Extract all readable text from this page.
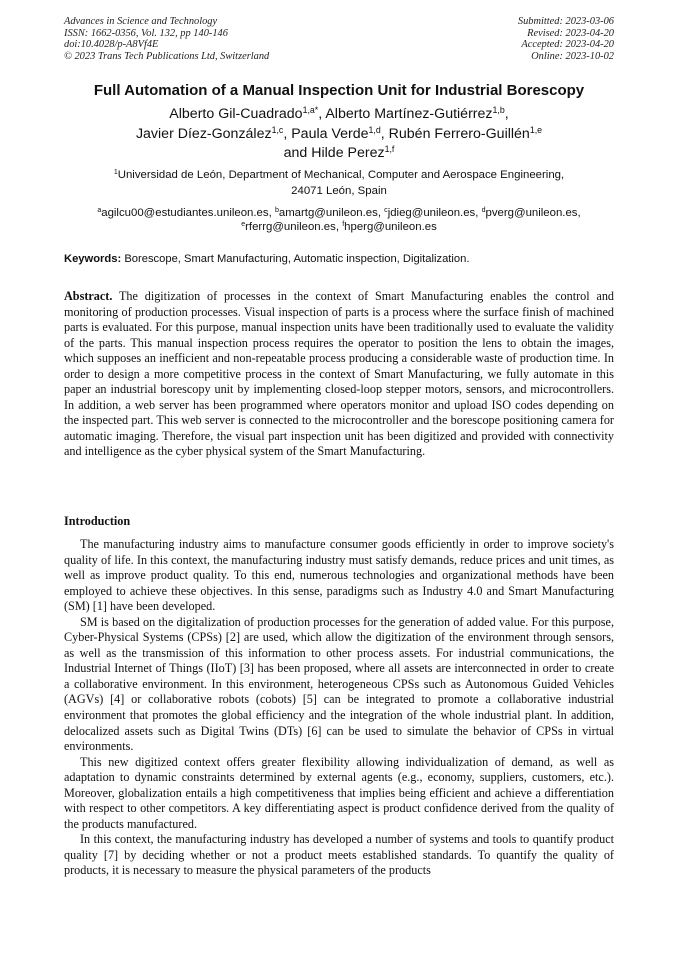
Advances in Science and Technology
ISSN: 1662-0356, Vol. 132, pp 140-146
doi:10.4028/p-A8Vf4E
© 2023 Trans Tech Publications Ltd, Switzerland
Submitted: 2023-03-06
Revised: 2023-04-20
Accepted: 2023-04-20
Online: 2023-10-02
Full Automation of a Manual Inspection Unit for Industrial Borescopy
Alberto Gil-Cuadrado$^{1,a*}$, Alberto Martínez-Gutiérrez$^{1,b}$,
Javier Díez-González$^{1,c}$, Paula Verde$^{1,d}$, Rubén Ferrero-Guillén$^{1,e}$
and Hilde Perez$^{1,f}$
$^1$Universidad de León, Department of Mechanical, Computer and Aerospace Engineering,
24071 León, Spain
$^a$agilcu00@estudiantes.unileon.es, $^b$amartg@unileon.es, $^c$jdieg@unileon.es, $^d$pverg@unileon.es,
$^e$rferrg@unileon.es, $^f$hperg@unileon.es
Keywords: Borescope, Smart Manufacturing, Automatic inspection, Digitalization.
Abstract. The digitization of processes in the context of Smart Manufacturing enables the control and monitoring of production processes. Visual inspection of parts is a process where the surface finish of machined parts is evaluated. For this purpose, manual inspection units have been traditionally used to evaluate the validity of the parts. This manual inspection process requires the operator to position the lens to obtain the images, which supposes an inefficient and non-repeatable process producing a considerable waste of production time. In order to design a more competitive process in the context of Smart Manufacturing, we fully automate in this paper an industrial borescopy unit by implementing closed-loop stepper motors, sensors, and microcontrollers. In addition, a web server has been programmed where operators monitor and upload ISO codes depending on the inspected part. This web server is connected to the microcontroller and the borescope positioning camera for automatic imaging. Therefore, the visual part inspection unit has been digitized and provided with connectivity and intelligence as the cyber physical system of the Smart Manufacturing.
Introduction

The manufacturing industry aims to manufacture consumer goods efficiently in order to improve society's quality of life. In this context, the manufacturing industry must satisfy demands, reduce prices and unit times, as well as improve product quality. To this end, numerous technologies and organizational methods have been employed to achieve these objectives. In this sense, paradigms such as Industry 4.0 and Smart Manufacturing (SM) [1] have been developed.

SM is based on the digitalization of production processes for the generation of added value. For this purpose, Cyber-Physical Systems (CPSs) [2] are used, which allow the digitization of the environment through sensors, as well as the transmission of this information to other process assets. For industrial communications, the Industrial Internet of Things (IIoT) [3] has been proposed, where all assets are interconnected in order to create a collaborative environment. In this environment, heterogeneous CPSs such as Autonomous Guided Vehicles (AGVs) [4] or collaborative robots (cobots) [5] can be integrated to promote a collaborative industrial environment that promotes the global efficiency and the integration of the whole industrial plant. In addition, delocalized assets such as Digital Twins (DTs) [6] can be used to simulate the behavior of CPSs in virtual environments.

This new digitized context offers greater flexibility allowing individualization of demand, as well as adaptation to dynamic constraints determined by external agents (e.g., economy, suppliers, customers, etc.). Moreover, globalization entails a high competitiveness that implies being efficient and achieve a differentiation with respect to other competitors. A key differentiating aspect is product confidence derived from the quality of the products manufactured.

In this context, the manufacturing industry has developed a number of systems and tools to quantify product quality [7] by deciding whether or not a product meets established standards. To quantify the quality of products, it is necessary to measure the physical parameters of the products
